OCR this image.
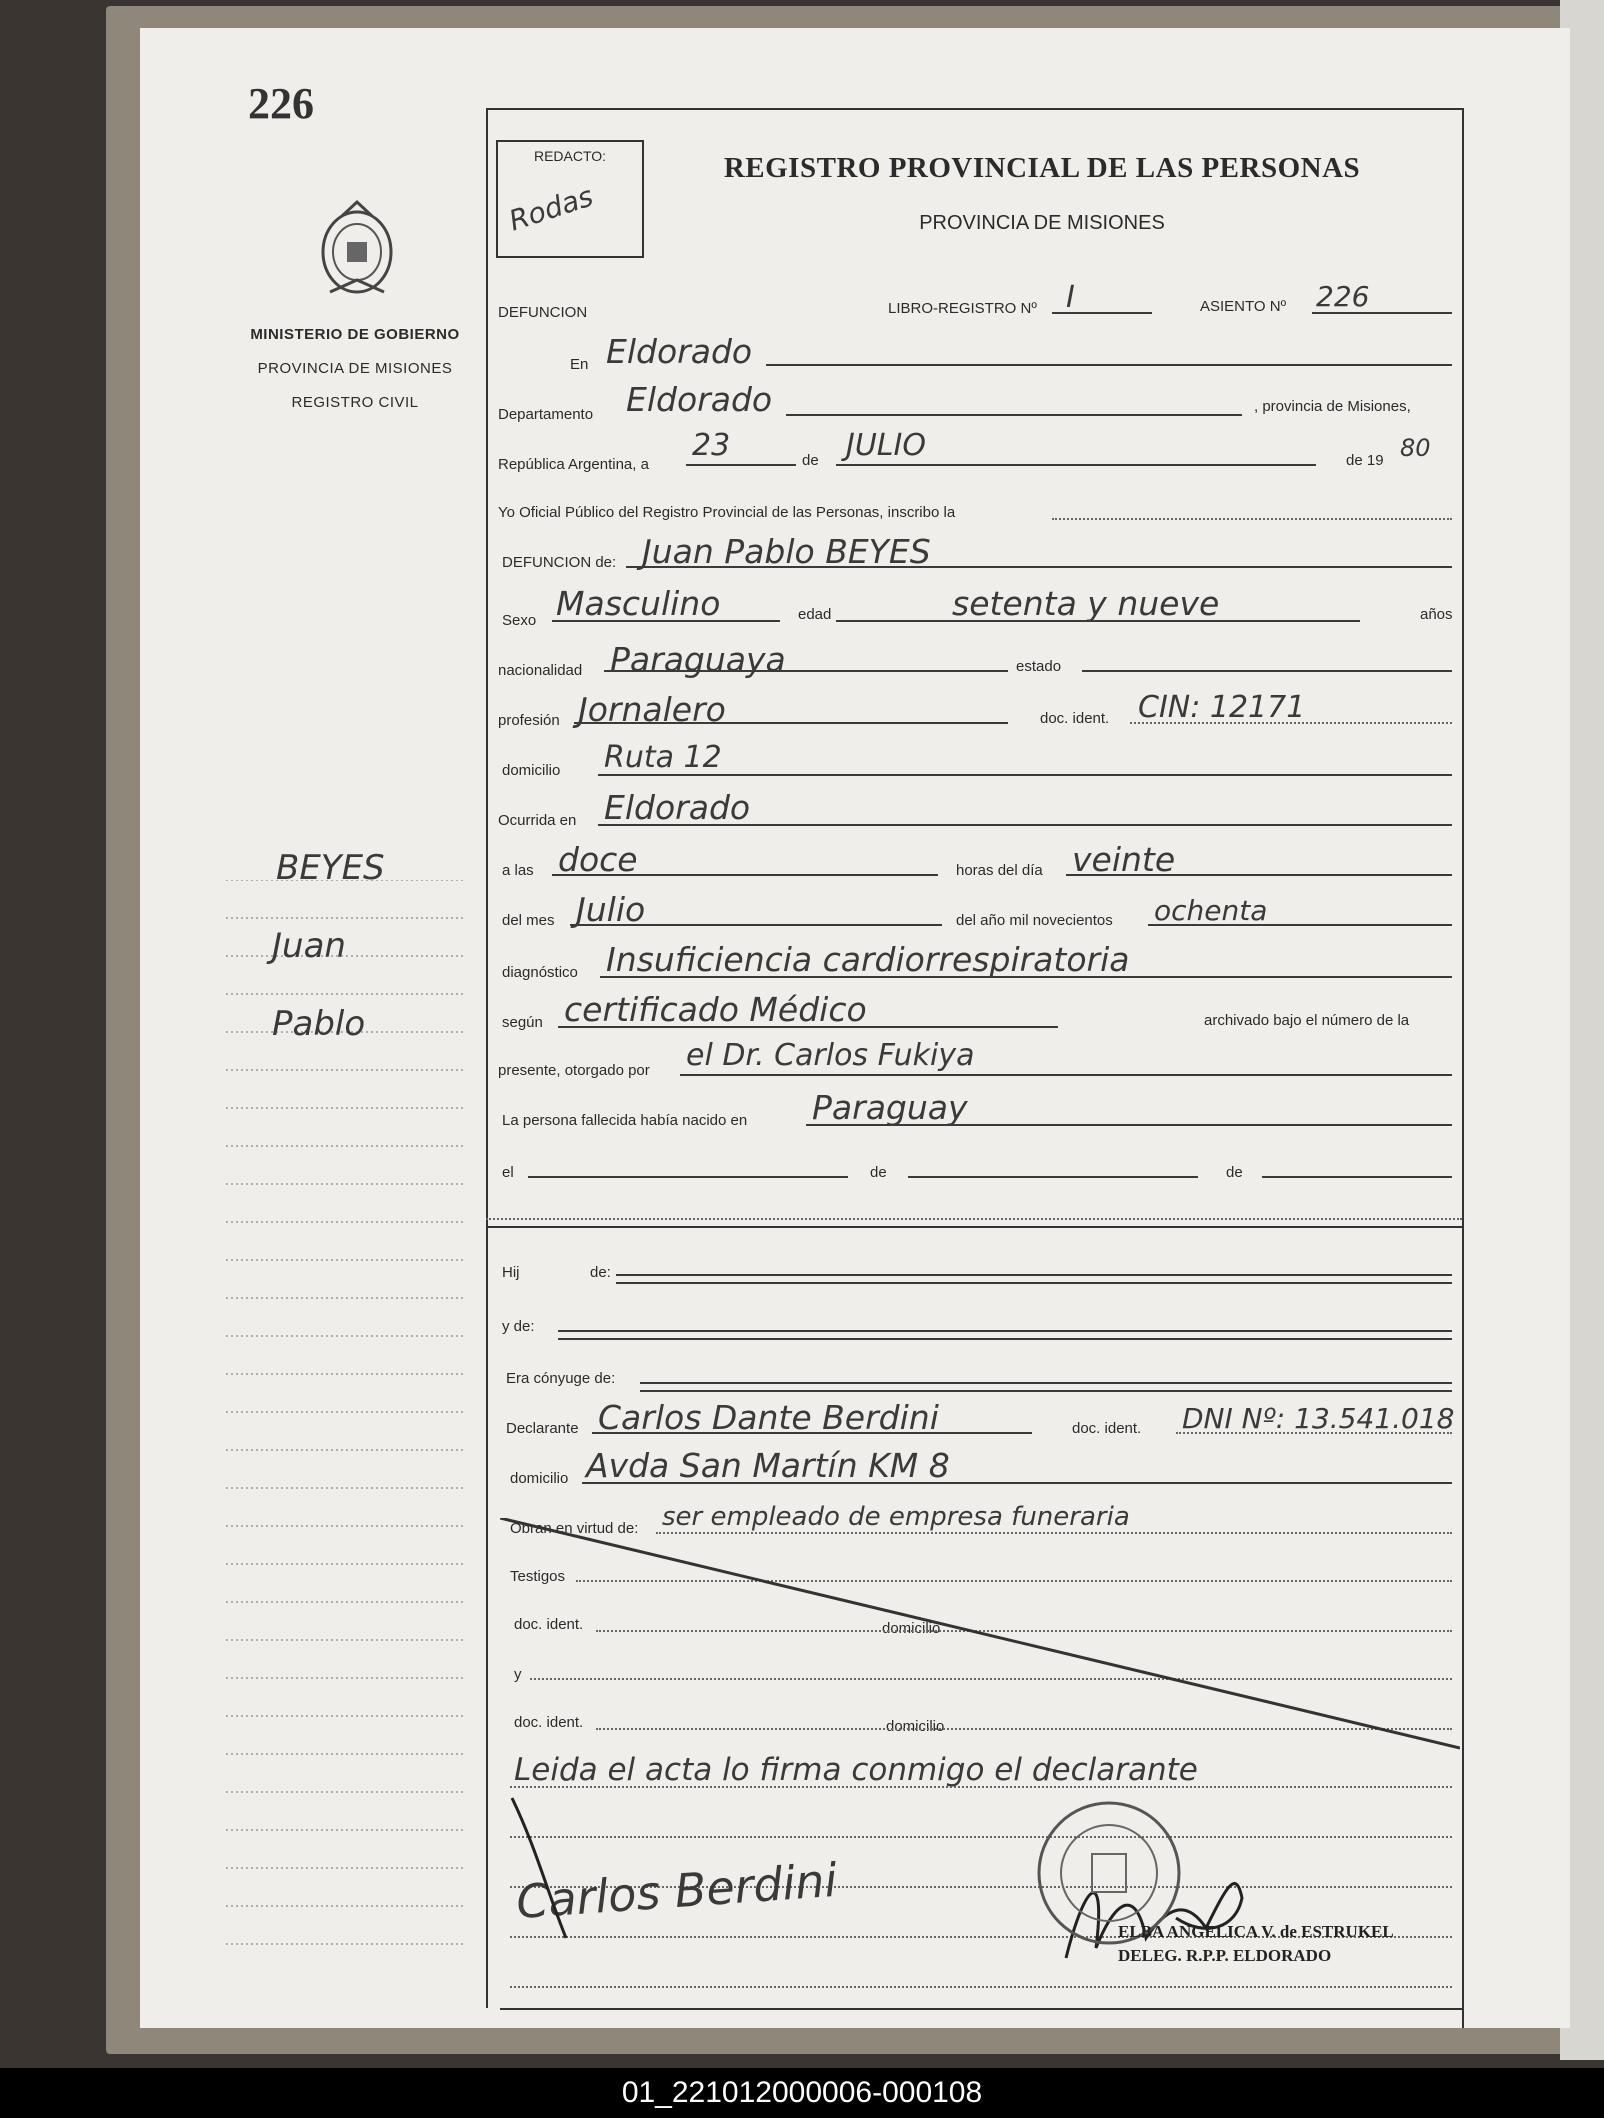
226
MINISTERIO DE GOBIERNO
PROVINCIA DE MISIONES
REGISTRO CIVIL
BEYES
Juan
Pablo
REDACTO:
Rodas
REGISTRO PROVINCIAL DE LAS PERSONAS
PROVINCIA DE MISIONES
DEFUNCION	LIBRO-REGISTRO Nº I	ASIENTO Nº 226
En Eldorado
Departamento Eldorado	, provincia de Misiones,
República Argentina, a
23	de JULIO	de 19 80
Yo Oficial Público del Registro Provincial de las Personas, inscribo la
DEFUNCION de: Juan Pablo BEYES
Sexo Masculino	edad	setenta y nueve	años
nacionalidad Paraguaya	estado
profesión Jornalero	doc. ident. CIN: 12171
domicilio Ruta 12
Ocurrida en Eldorado
a las doce	horas del día veinte
del mes Julio	del año mil novecientos ochenta
diagnóstico Insuficiencia cardiorrespiratoria
según certificado Médico	archivado bajo el número de la
presente, otorgado por el Dr. Carlos Fukiya
La persona fallecida había nacido en Paraguay
el	de	de
Hij	de:
y de:
Era cónyuge de:
Declarante Carlos Dante Berdini	doc. ident. DNI Nº: 13.541.018
domicilio Avda San Martín KM 8
Obran en virtud de: ser empleado de empresa funeraria
Testigos
doc. ident.	domicilio
y
doc. ident.	domicilio
Leida el acta lo firma conmigo el declarante
Carlos Berdini
ELBA ANGELICA V. de ESTRUKEL
DELEG. R.P.P. ELDORADO
01_221012000006-000108
